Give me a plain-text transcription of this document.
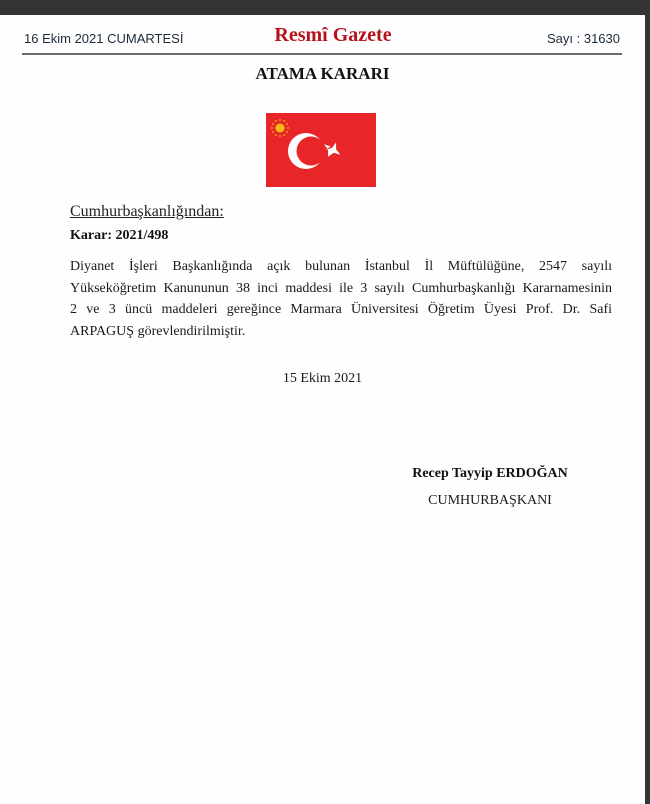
16 Ekim 2021 CUMARTESİ	Resmî Gazete	Sayı : 31630
ATAMA KARARI
Cumhurbaşkanlığından:
Karar: 2021/498
Diyanet İşleri Başkanlığında açık bulunan İstanbul İl Müftülüğüne, 2547 sayılı
Yükseköğretim Kanununun 38 inci maddesi ile 3 sayılı Cumhurbaşkanlığı Kararnamesinin
2 ve 3 üncü maddeleri gereğince Marmara Üniversitesi Öğretim Üyesi Prof. Dr. Safi
ARPAGUŞ görevlendirilmiştir.
15 Ekim 2021
Recep Tayyip ERDOĞAN
CUMHURBAŞKANI
